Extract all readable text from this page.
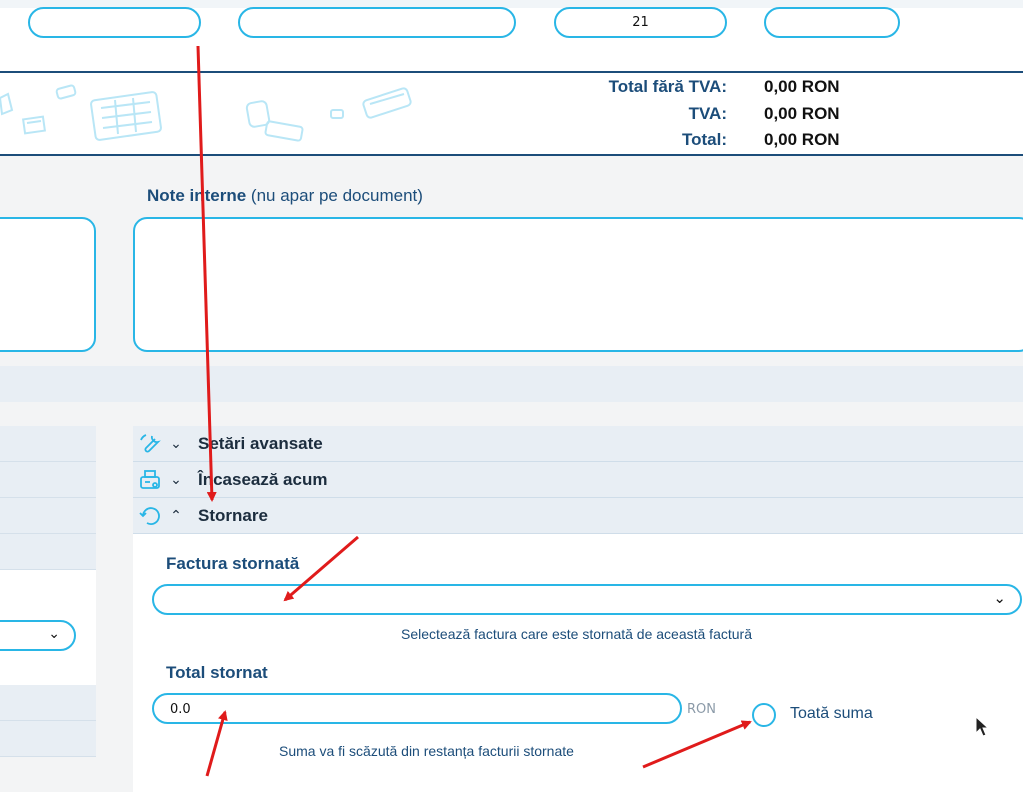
21
Total fără TVA: 0,00 RON
TVA: 0,00 RON
Total: 0,00 RON
Note interne (nu apar pe document)
⌄
⌄ Setări avansate
⌄ Încasează acum
⌃ Stornare
Factura stornată
⌄
Selectează factura care este stornată de această factură
Total stornat
0.0	RON	Toată suma
Suma va fi scăzută din restanța facturii stornate
